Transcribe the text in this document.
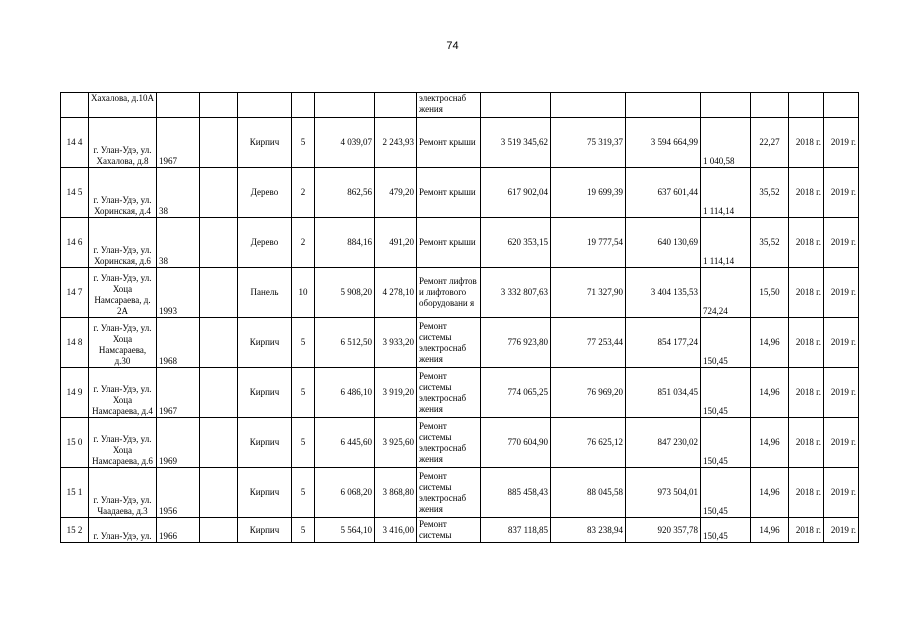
74
	Хахалова, д.10А							электроснаб жения							
14 4	г. Улан-Удэ, ул. Хахалова, д.8	1967		Кирпич	5	4 039,07	2 243,93	Ремонт крыши	3 519 345,62	75 319,37	3 594 664,99	1 040,58	22,27	2018 г.	2019 г.
14 5	г. Улан-Удэ, ул. Хоринская, д.4	38		Дерево	2	862,56	479,20	Ремонт крыши	617 902,04	19 699,39	637 601,44	1 114,14	35,52	2018 г.	2019 г.
14 6	г. Улан-Удэ, ул. Хоринская, д.6	38		Дерево	2	884,16	491,20	Ремонт крыши	620 353,15	19 777,54	640 130,69	1 114,14	35,52	2018 г.	2019 г.
14 7	г. Улан-Удэ, ул. Хоца Намсараева, д. 2А	1993		Панель	10	5 908,20	4 278,10	Ремонт лифтов и лифтового оборудовани я	3 332 807,63	71 327,90	3 404 135,53	724,24	15,50	2018 г.	2019 г.
14 8	г. Улан-Удэ, ул. Хоца Намсараева, д.30	1968		Кирпич	5	6 512,50	3 933,20	Ремонт системы электроснаб жения	776 923,80	77 253,44	854 177,24	150,45	14,96	2018 г.	2019 г.
14 9	г. Улан-Удэ, ул. Хоца Намсараева, д.4	1967		Кирпич	5	6 486,10	3 919,20	Ремонт системы электроснаб жения	774 065,25	76 969,20	851 034,45	150,45	14,96	2018 г.	2019 г.
15 0	г. Улан-Удэ, ул. Хоца Намсараева, д.6	1969		Кирпич	5	6 445,60	3 925,60	Ремонт системы электроснаб жения	770 604,90	76 625,12	847 230,02	150,45	14,96	2018 г.	2019 г.
15 1	г. Улан-Удэ, ул. Чаадаева, д.3	1956		Кирпич	5	6 068,20	3 868,80	Ремонт системы электроснаб жения	885 458,43	88 045,58	973 504,01	150,45	14,96	2018 г.	2019 г.
15 2	г. Улан-Удэ, ул.	1966		Кирпич	5	5 564,10	3 416,00	Ремонт системы	837 118,85	83 238,94	920 357,78	150,45	14,96	2018 г.	2019 г.
